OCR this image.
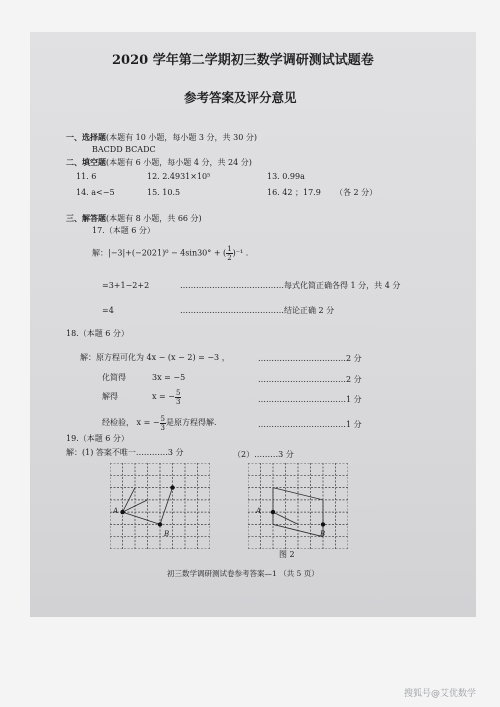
2020 学年第二学期初三数学调研测试试题卷
参考答案及评分意见
一、选择题(本题有 10 小题，每小题 3 分，共 30 分)
BACDD BCADC
二、填空题(本题有 6 小题，每小题 4 分，共 24 分)
11. 6	12. 2.4931×10⁵	13. 0.99a
14. a<−5	15. 10.5	16. 42 ；17.9 （各 2 分）
三、解答题(本题有 8 小题，共 66 分)
17.（本题 6 分）
解：|−3|+(−2021)⁰ − 4sin30° + ( $\frac{1}{2} )^{-1}$ .
=3+1−2+2	…………………………………每式化简正确各得 1 分，共 4 分
=4	…………………………………结论正确 2 分
18.（本题 6 分）
解：原方程可化为 4x − (x − 2) = −3 ，	……………………………2 分
化简得	3x = −5	……………………………2 分
解得	x = − $\frac{5}{3}$	……………………………1 分
经检验， x = − $\frac{5}{3}$ 是原方程得解.	……………………………1 分
19.（本题 6 分）
解：(1) 答案不唯一…………3 分	（2）………3 分
A
B
A
B
图 2
初三数学调研测试卷参考答案—1 （共 5 页）
搜狐号@艾优数学
